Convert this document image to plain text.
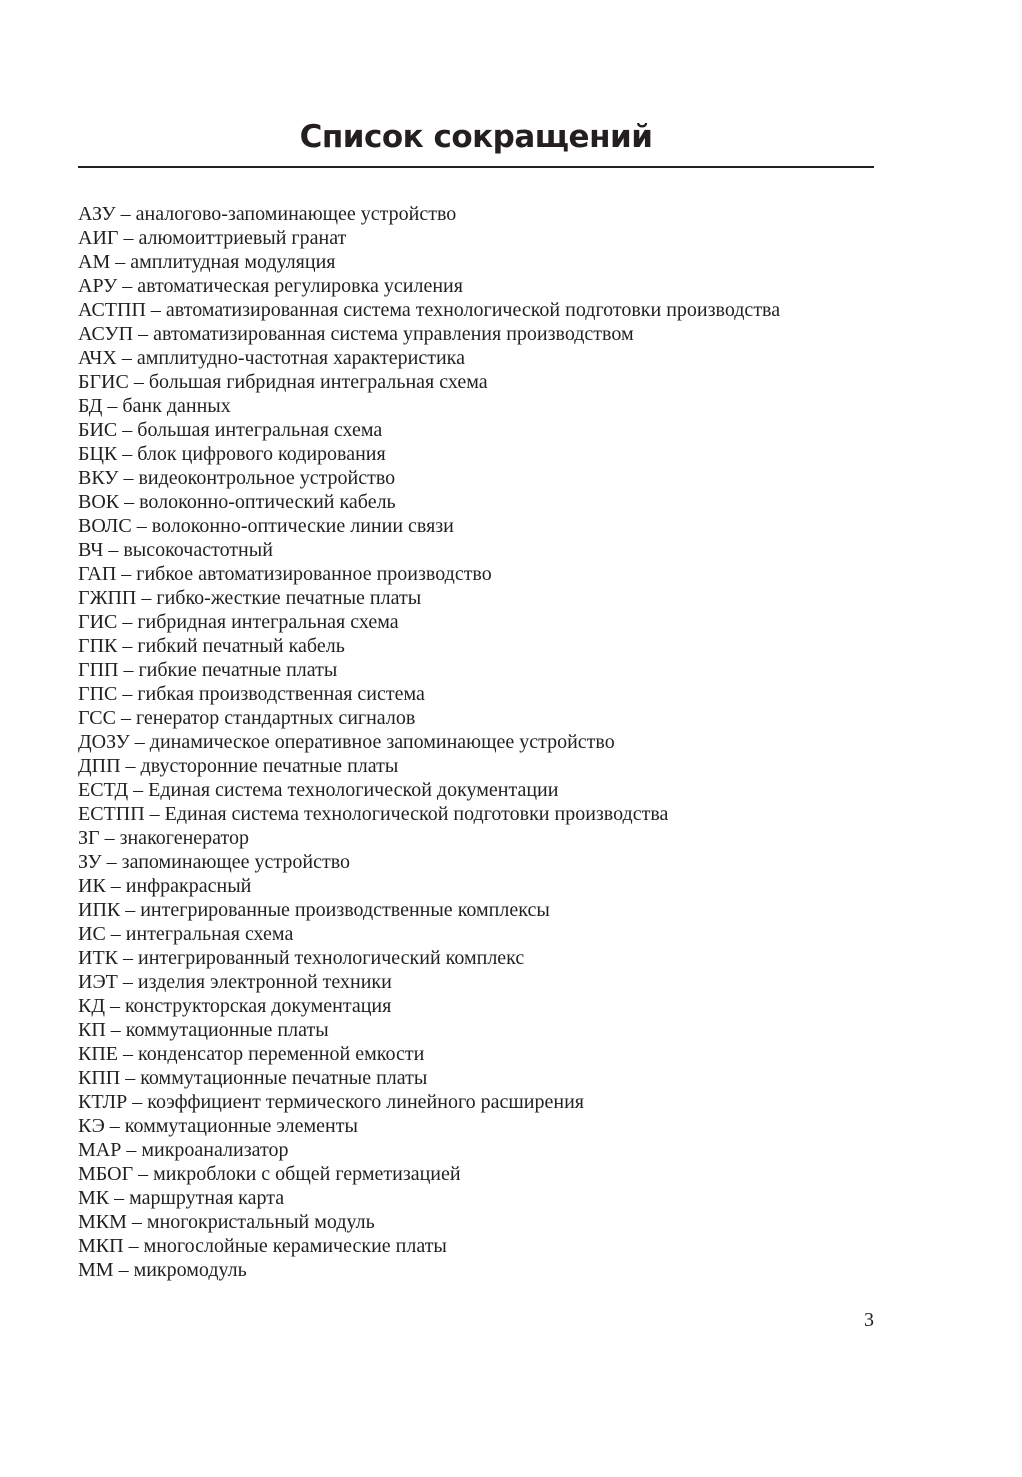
Список сокращений
АЗУ – аналогово-запоминающее устройство
АИГ – алюмоиттриевый гранат
АМ – амплитудная модуляция
АРУ – автоматическая регулировка усиления
АСТПП – автоматизированная система технологической подготовки производства
АСУП – автоматизированная система управления производством
АЧХ – амплитудно-частотная характеристика
БГИС – большая гибридная интегральная схема
БД – банк данных
БИС – большая интегральная схема
БЦК – блок цифрового кодирования
ВКУ – видеоконтрольное устройство
ВОК – волоконно-оптический кабель
ВОЛС – волоконно-оптические линии связи
ВЧ – высокочастотный
ГАП – гибкое автоматизированное производство
ГЖПП – гибко-жесткие печатные платы
ГИС – гибридная интегральная схема
ГПК – гибкий печатный кабель
ГПП – гибкие печатные платы
ГПС – гибкая производственная система
ГСС – генератор стандартных сигналов
ДОЗУ – динамическое оперативное запоминающее устройство
ДПП – двусторонние печатные платы
ЕСТД – Единая система технологической документации
ЕСТПП – Единая система технологической подготовки производства
ЗГ – знакогенератор
ЗУ – запоминающее устройство
ИК – инфракрасный
ИПК – интегрированные производственные комплексы
ИС – интегральная схема
ИТК – интегрированный технологический комплекс
ИЭТ – изделия электронной техники
КД – конструкторская документация
КП – коммутационные платы
КПЕ – конденсатор переменной емкости
КПП – коммутационные печатные платы
КТЛР – коэффициент термического линейного расширения
КЭ – коммутационные элементы
МАР – микроанализатор
МБОГ – микроблоки с общей герметизацией
МК – маршрутная карта
МКМ – многокристальный модуль
МКП – многослойные керамические платы
ММ – микромодуль
3
